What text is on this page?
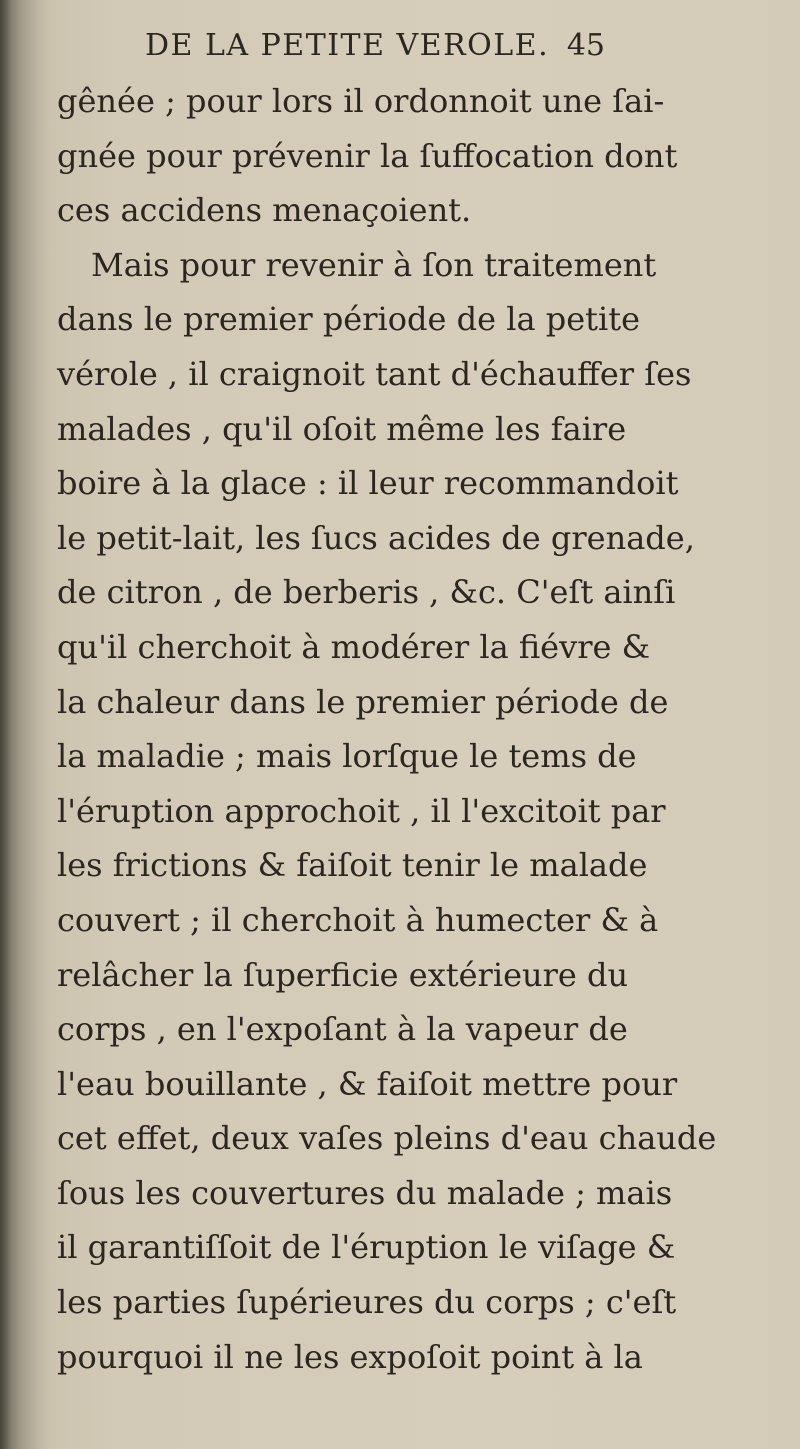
DE LA PETITE VEROLE. 45
gênée ; pour lors il ordonnoit une ſai-
gnée pour prévenir la ſuffocation dont
ces accidens menaçoient.
Mais pour revenir à ſon traitement
dans le premier période de la petite
vérole , il craignoit tant d'échauffer ſes
malades , qu'il oſoit même les faire
boire à la glace : il leur recommandoit
le petit-lait, les ſucs acides de grenade,
de citron , de berberis , &c. C'eſt ainſi
qu'il cherchoit à modérer la fiévre &
la chaleur dans le premier période de
la maladie ; mais lorſque le tems de
l'éruption approchoit , il l'excitoit par
les frictions & faiſoit tenir le malade
couvert ; il cherchoit à humecter & à
relâcher la ſuperficie extérieure du
corps , en l'expoſant à la vapeur de
l'eau bouillante , & faiſoit mettre pour
cet effet, deux vaſes pleins d'eau chaude
ſous les couvertures du malade ; mais
il garantiſſoit de l'éruption le viſage &
les parties ſupérieures du corps ; c'eſt
pourquoi il ne les expoſoit point à la
